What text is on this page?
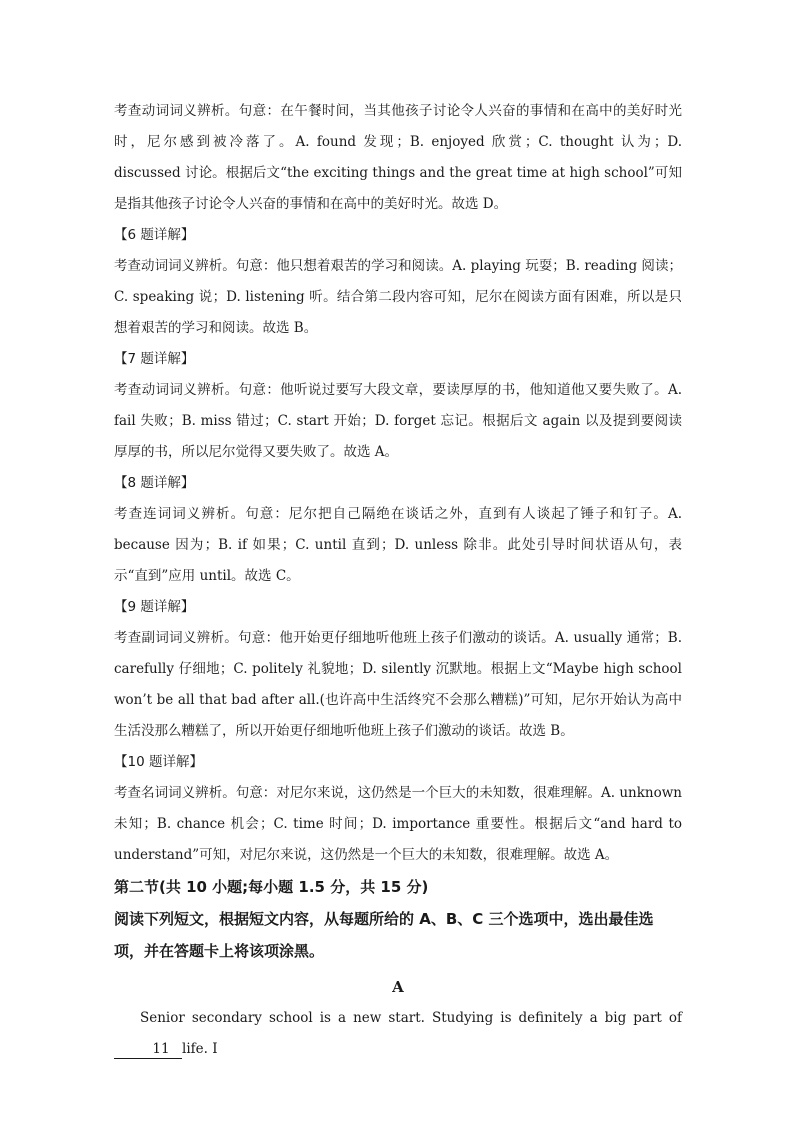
考查动词词义辨析。句意：在午餐时间，当其他孩子讨论令人兴奋的事情和在高中的美好时光时，尼尔感到被冷落了。A. found 发现；B. enjoyed 欣赏；C. thought 认为；D. discussed 讨论。根据后文“the exciting things and the great time at high school”可知是指其他孩子讨论令人兴奋的事情和在高中的美好时光。故选 D。

【6 题详解】

考查动词词义辨析。句意：他只想着艰苦的学习和阅读。A. playing 玩耍；B. reading 阅读；C. speaking 说；D. listening 听。结合第二段内容可知，尼尔在阅读方面有困难，所以是只想着艰苦的学习和阅读。故选 B。

【7 题详解】

考查动词词义辨析。句意：他听说过要写大段文章，要读厚厚的书，他知道他又要失败了。A. fail 失败；B. miss 错过；C. start 开始；D. forget 忘记。根据后文 again 以及提到要阅读厚厚的书，所以尼尔觉得又要失败了。故选 A。

【8 题详解】

考查连词词义辨析。句意：尼尔把自己隔绝在谈话之外，直到有人谈起了锤子和钉子。A. because 因为；B. if 如果；C. until 直到；D. unless 除非。此处引导时间状语从句，表示“直到”应用 until。故选 C。

【9 题详解】

考查副词词义辨析。句意：他开始更仔细地听他班上孩子们激动的谈话。A. usually 通常；B. carefully 仔细地；C. politely 礼貌地；D. silently 沉默地。根据上文“Maybe high school won’t be all that bad after all.(也许高中生活终究不会那么糟糕)”可知，尼尔开始认为高中生活没那么糟糕了，所以开始更仔细地听他班上孩子们激动的谈话。故选 B。

【10 题详解】

考查名词词义辨析。句意：对尼尔来说，这仍然是一个巨大的未知数，很难理解。A. unknown 未知；B. chance 机会；C. time 时间；D. importance 重要性。根据后文“and hard to understand”可知，对尼尔来说，这仍然是一个巨大的未知数，很难理解。故选 A。

第二节(共 10 小题;每小题 1.5 分，共 15 分)

阅读下列短文，根据短文内容，从每题所给的 A、B、C 三个选项中，选出最佳选项，并在答题卡上将该项涂黑。

A

Senior secondary school is a new start. Studying is definitely a big part of11 life. I
